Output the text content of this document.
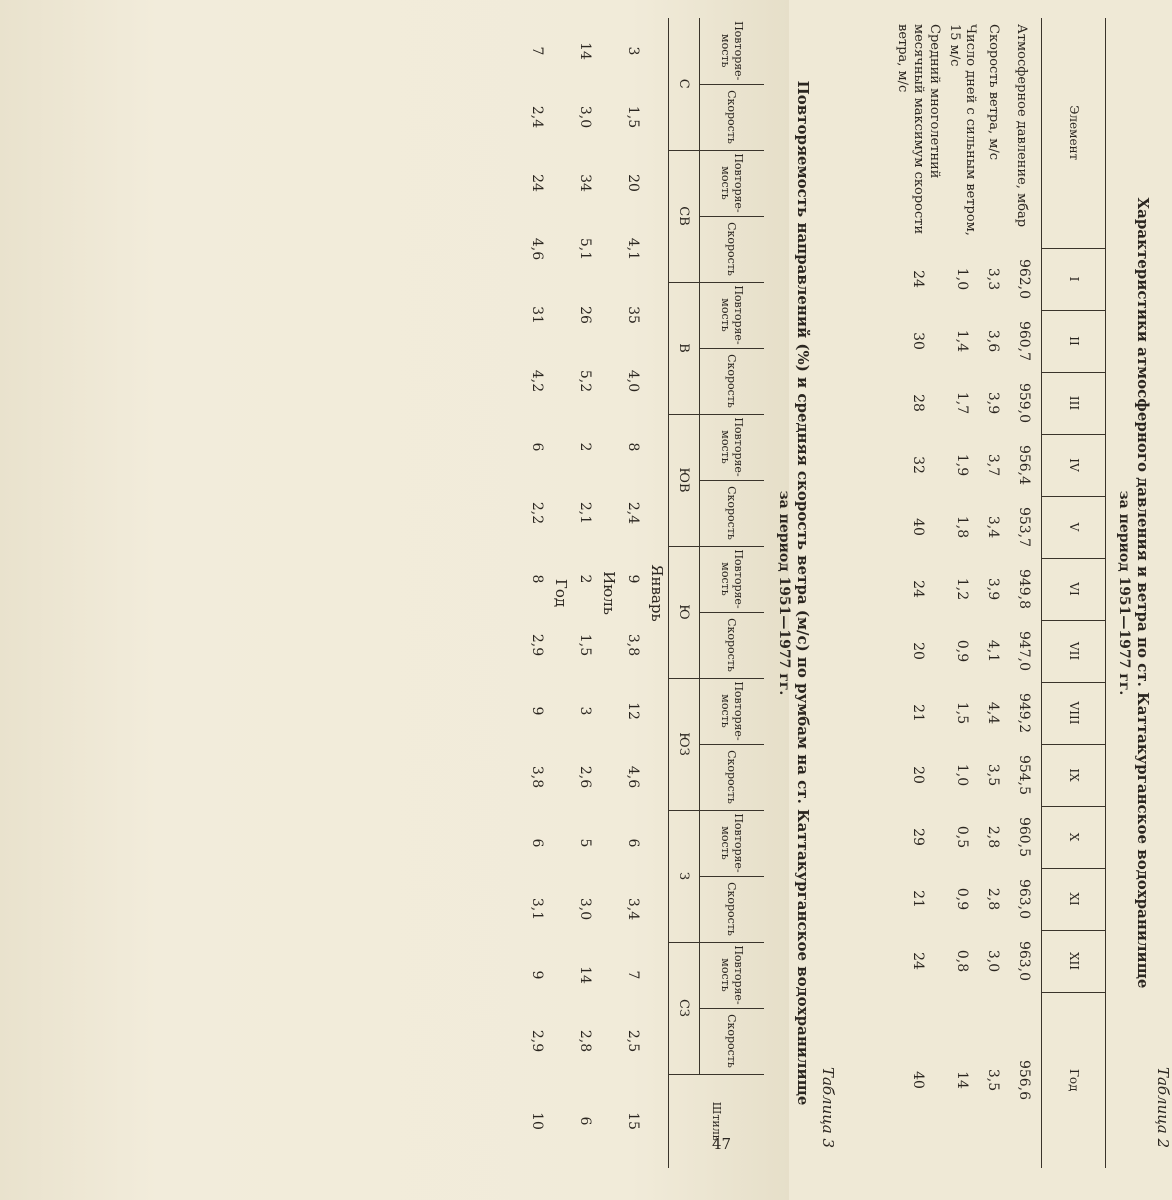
Таблица 2
Характеристики атмосферного давления и ветра по ст. Каттакурганское водохранилище
за период 1951—1977 гг.
Элемент	I	II	III	IV	V	VI	VII	VIII	IX	X	XI	XII	Год
Атмосферное давление, мбар	962,0	960,7	959,0	956,4	953,7	949,8	947,0	949,2	954,5	960,5	963,0	963,0	956,6
Скорость ветра, м/с	3,3	3,6	3,9	3,7	3,4	3,9	4,1	4,4	3,5	2,8	2,8	3,0	3,5
Число дней с сильным ветром, 15 м/с	1,0	1,4	1,7	1,9	1,8	1,2	0,9	1,5	1,0	0,5	0,9	0,8	14
Средний многолетний месячный максимум скорости ветра, м/с	24	30	28	32	40	24	20	21	20	29	21	24	40
Таблица 3
Повторяемость направлений (%) и средняя скорость ветра (м/с) по румбам на ст. Каттакурганское водохранилище
за период 1951—1977 гг.
Повторяе-мость	Скорость	Повторяе-мость	Скорость	Повторяе-мость	Скорость	Повторяе-мость	Скорость	Повторяе-мость	Скорость	Повторяе-мость	Скорость	Повторяе-мость	Скорость	Повторяе-мость	Скорость	Штиль
С		СВ		В		ЮВ		Ю		ЮЗ		З		СЗ		
Январь																
3	1,5	20	4,1	35	4,0	8	2,4	9	3,8	12	4,6	6	3,4	7	2,5	15
Июль																
14	3,0	34	5,1	26	5,2	2	2,1	2	1,5	3	2,6	5	3,0	14	2,8	6
Год																
7	2,4	24	4,6	31	4,2	6	2,2	8	2,9	9	3,8	6	3,1	9	2,9	10
47
